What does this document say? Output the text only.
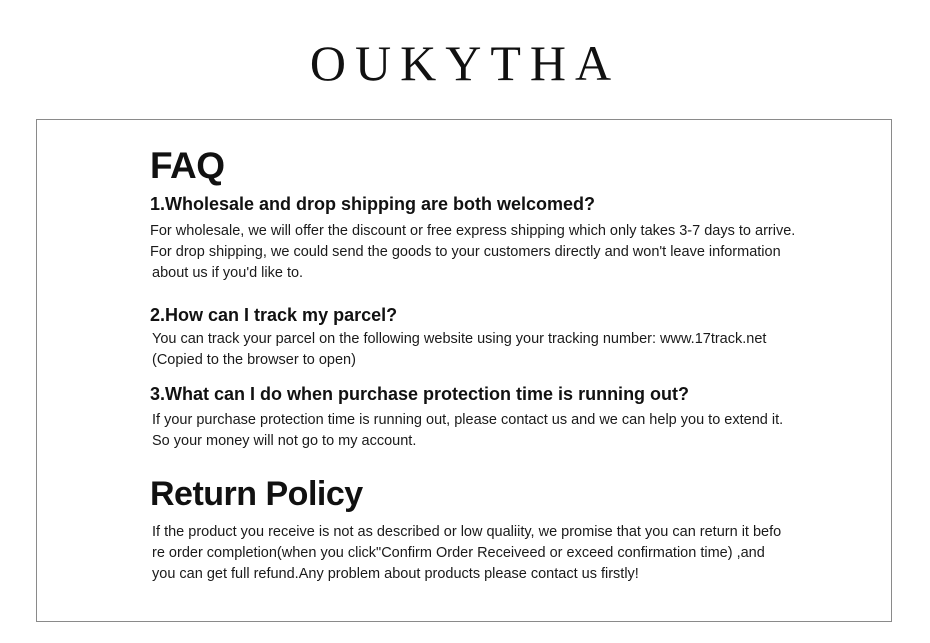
OUKYTHA
FAQ
1.Wholesale and drop shipping are both welcomed?
For wholesale, we will offer the discount or free express shipping which only takes 3-7 days to arrive.
For drop shipping, we could send the goods to your customers directly and won't leave information
about us if you'd like to.
2.How can I track my parcel?
You can track your parcel on the following website using your tracking number: www.17track.net
(Copied to the browser to open)
3.What can I do when purchase protection time is running out?
If your purchase protection time is running out, please contact us and we can help you to extend it.
So your money will not go to my account.
Return Policy
If the product you receive is not as described or low qualiity, we promise that you can return it befo
re order completion(when you click"Confirm Order Receiveed or exceed confirmation time) ,and
you can get full refund.Any problem about products please contact us firstly!
